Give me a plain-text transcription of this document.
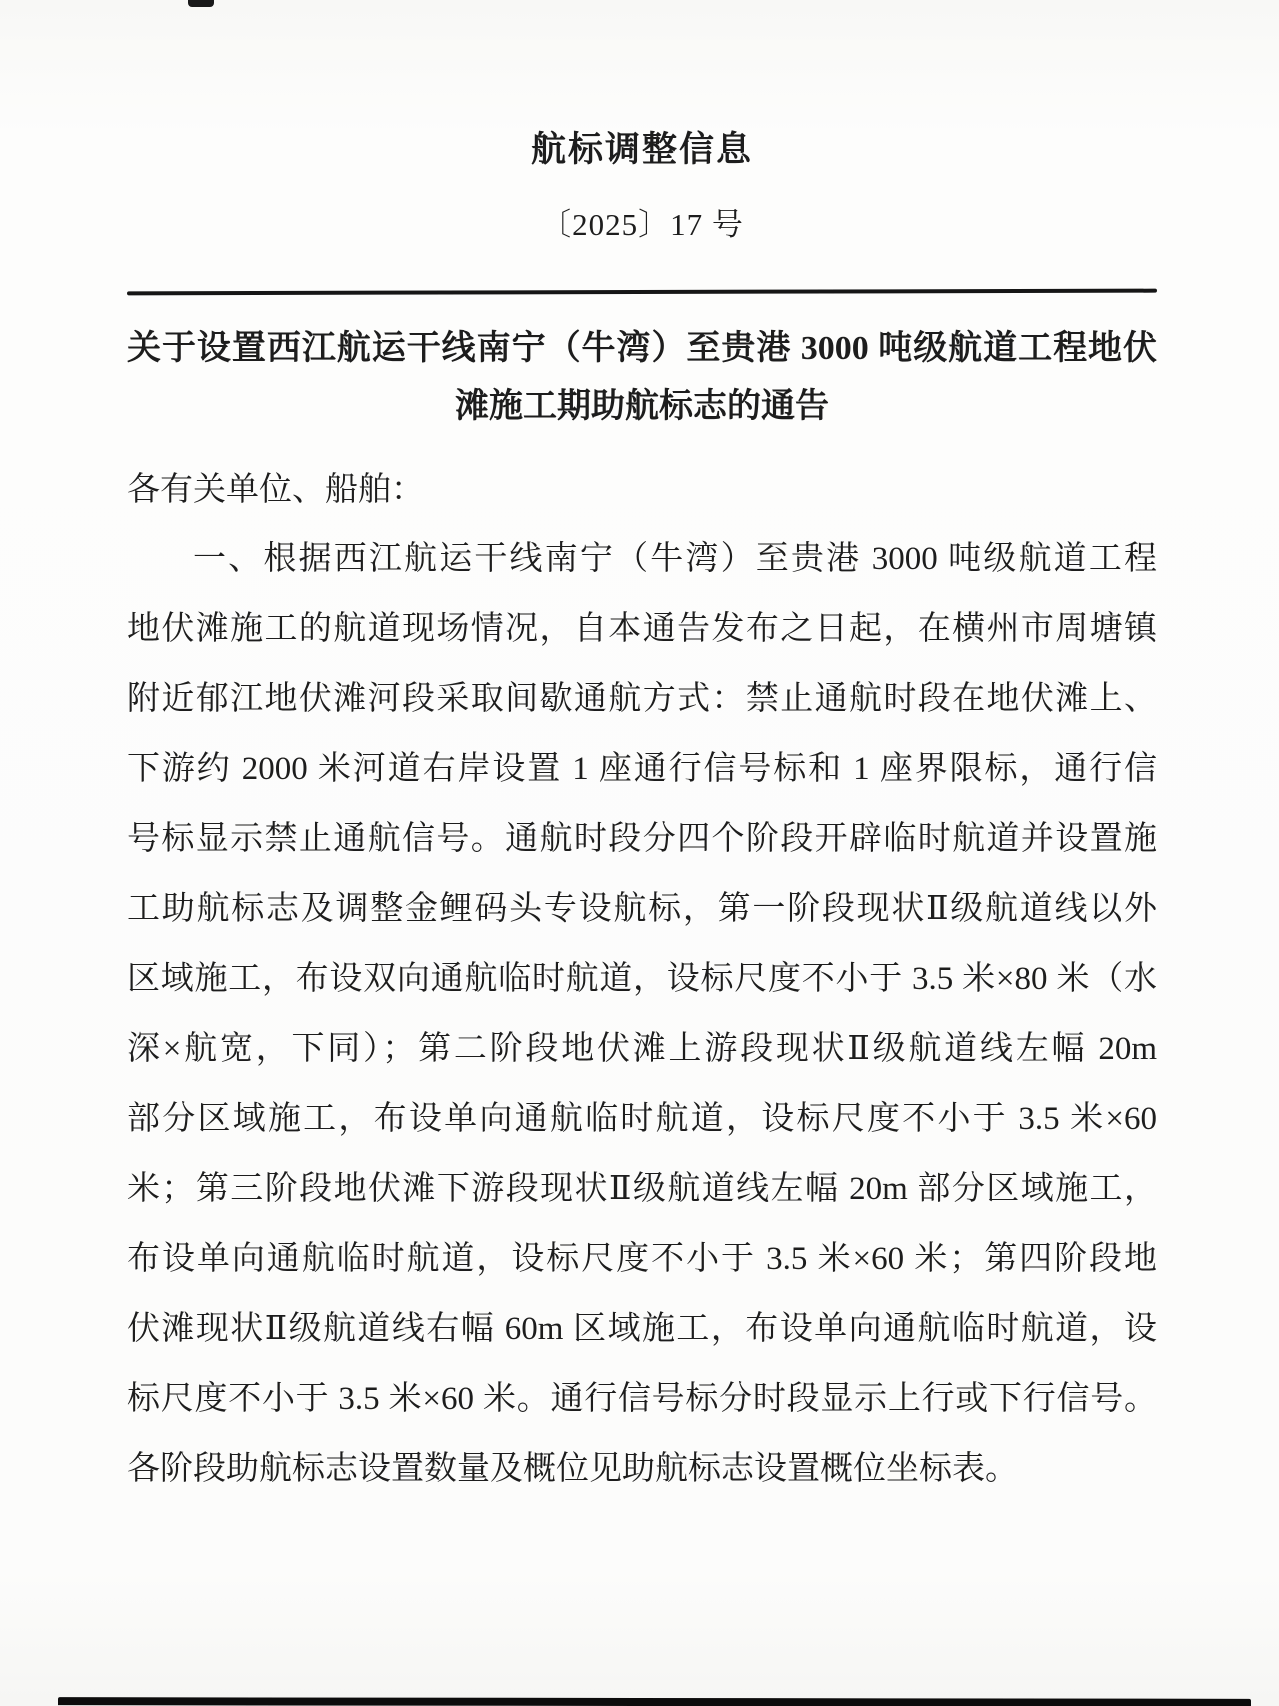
航标调整信息
〔2025〕17 号
关于设置西江航运干线南宁（牛湾）至贵港 3000 吨级航道工程地伏
滩施工期助航标志的通告
各有关单位、船舶：
一、根据西江航运干线南宁（牛湾）至贵港 3000 吨级航道工程
地伏滩施工的航道现场情况，自本通告发布之日起，在横州市周塘镇
附近郁江地伏滩河段采取间歇通航方式：禁止通航时段在地伏滩上、
下游约 2000 米河道右岸设置 1 座通行信号标和 1 座界限标，通行信
号标显示禁止通航信号。通航时段分四个阶段开辟临时航道并设置施
工助航标志及调整金鲤码头专设航标，第一阶段现状Ⅱ级航道线以外
区域施工，布设双向通航临时航道，设标尺度不小于 3.5 米×80 米（水
深×航宽，下同）；第二阶段地伏滩上游段现状Ⅱ级航道线左幅 20m
部分区域施工，布设单向通航临时航道，设标尺度不小于 3.5 米×60
米；第三阶段地伏滩下游段现状Ⅱ级航道线左幅 20m 部分区域施工，
布设单向通航临时航道，设标尺度不小于 3.5 米×60 米；第四阶段地
伏滩现状Ⅱ级航道线右幅 60m 区域施工，布设单向通航临时航道，设
标尺度不小于 3.5 米×60 米。通行信号标分时段显示上行或下行信号。
各阶段助航标志设置数量及概位见助航标志设置概位坐标表。
